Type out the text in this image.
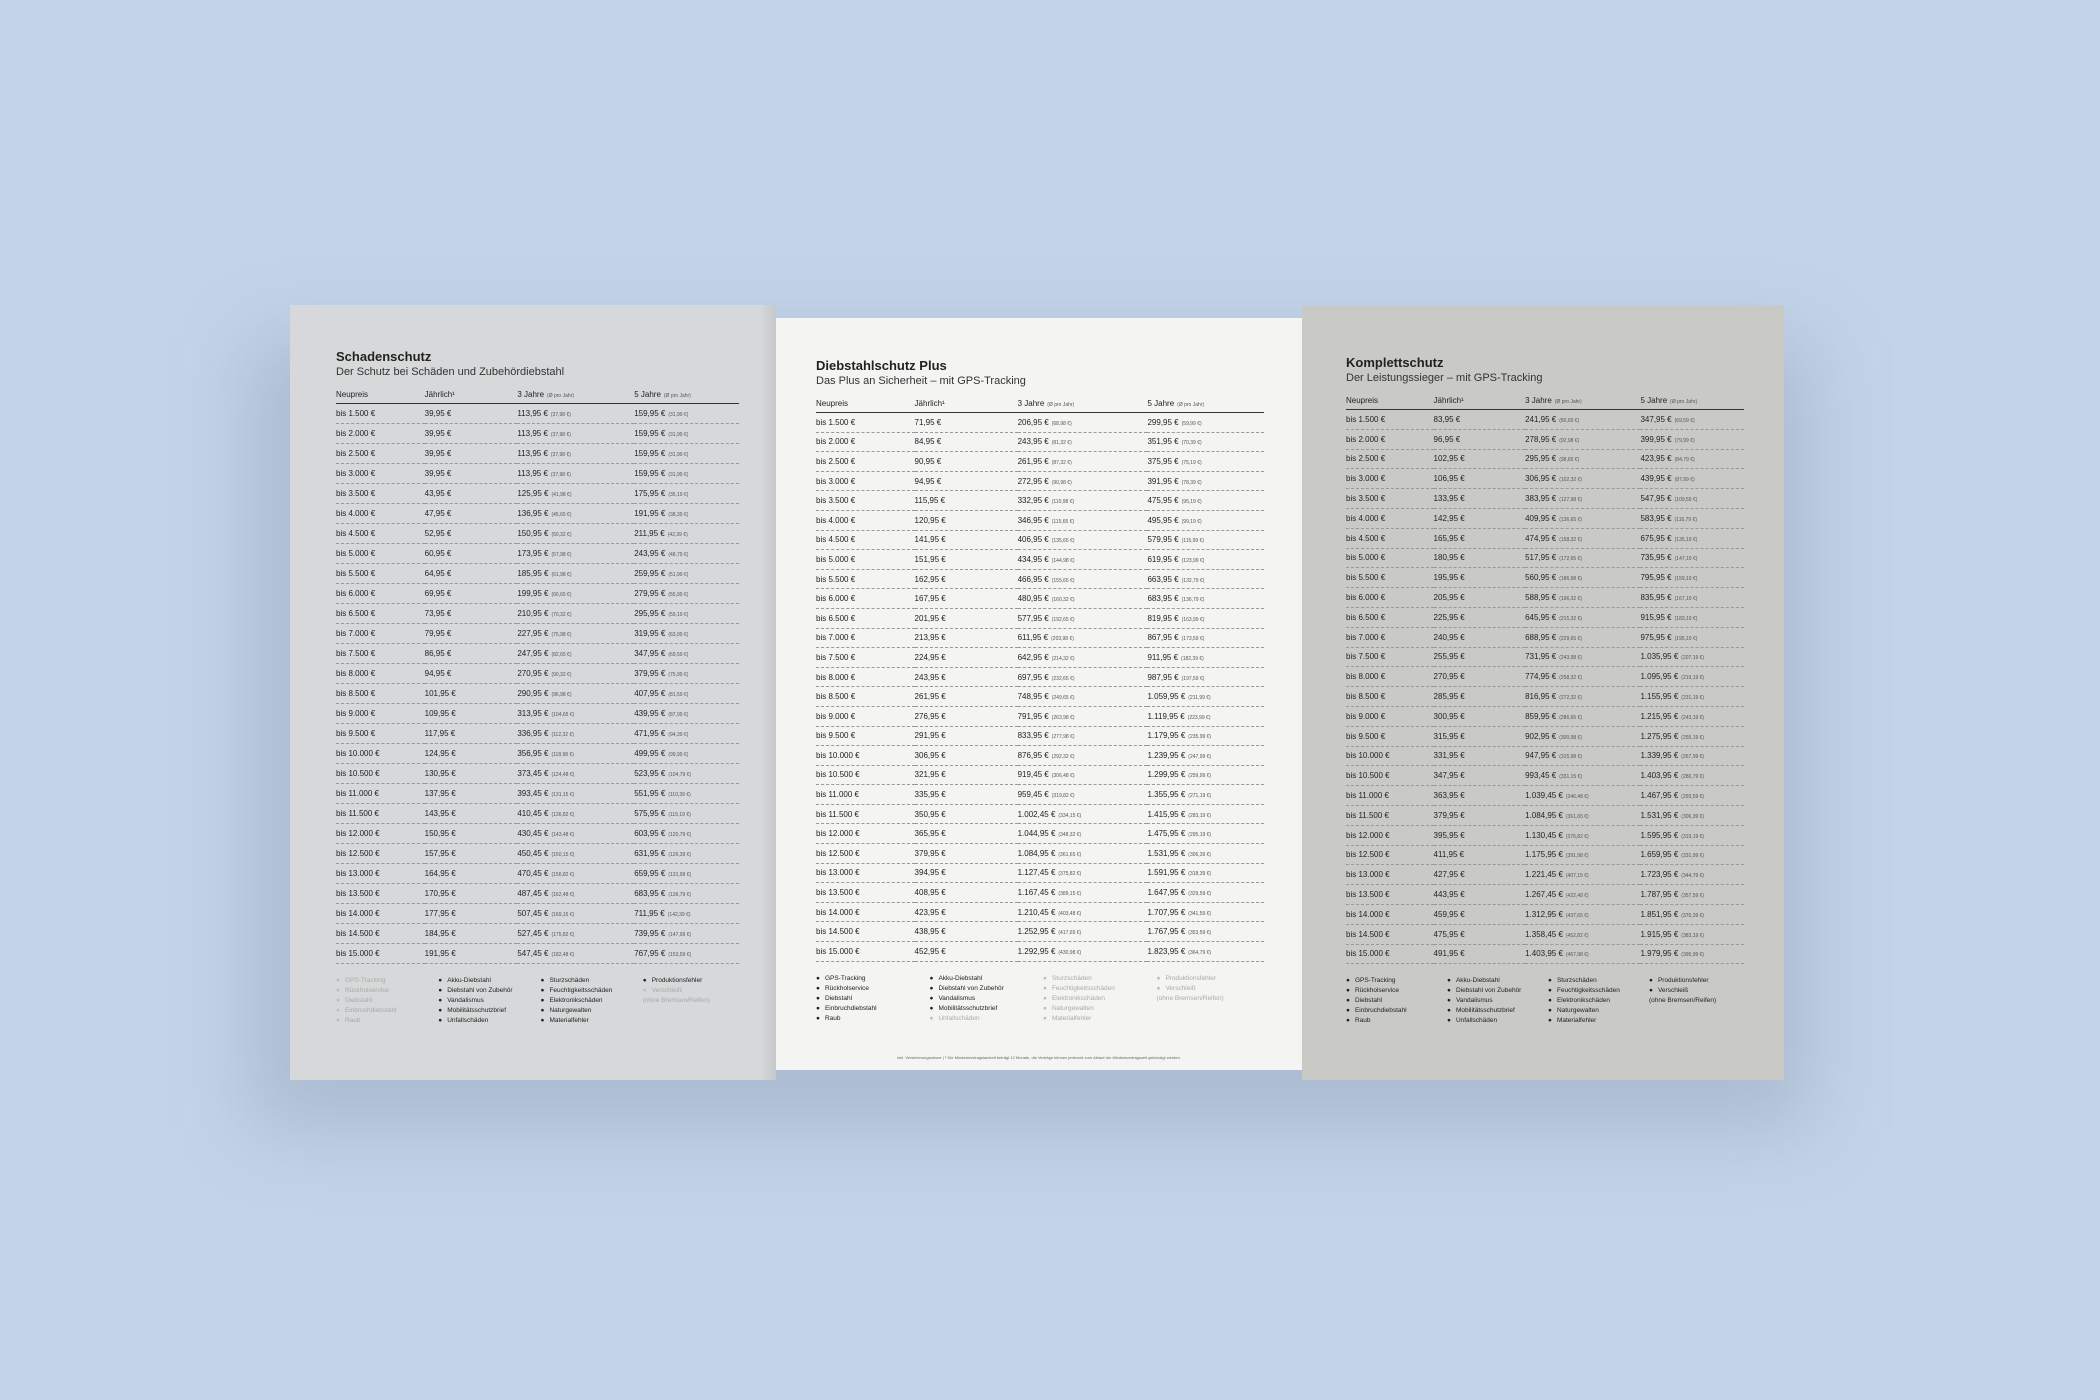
Schadenschutz
Der Schutz bei Schäden und Zubehördiebstahl
Neupreis	Jährlich¹	3 Jahre (Ø pro Jahr)	5 Jahre (Ø pro Jahr)
bis 1.500 €	39,95 €	113,95 € (37,98 €)	159,95 € (31,99 €)
bis 2.000 €	39,95 €	113,95 € (37,98 €)	159,95 € (31,99 €)
bis 2.500 €	39,95 €	113,95 € (37,98 €)	159,95 € (31,99 €)
bis 3.000 €	39,95 €	113,95 € (37,98 €)	159,95 € (31,99 €)
bis 3.500 €	43,95 €	125,95 € (41,98 €)	175,95 € (35,19 €)
bis 4.000 €	47,95 €	136,95 € (45,65 €)	191,95 € (38,39 €)
bis 4.500 €	52,95 €	150,95 € (50,32 €)	211,95 € (42,39 €)
bis 5.000 €	60,95 €	173,95 € (57,98 €)	243,95 € (48,79 €)
bis 5.500 €	64,95 €	185,95 € (61,98 €)	259,95 € (51,99 €)
bis 6.000 €	69,95 €	199,95 € (66,65 €)	279,95 € (55,99 €)
bis 6.500 €	73,95 €	210,95 € (70,32 €)	295,95 € (59,19 €)
bis 7.000 €	79,95 €	227,95 € (75,98 €)	319,95 € (63,99 €)
bis 7.500 €	86,95 €	247,95 € (82,65 €)	347,95 € (69,59 €)
bis 8.000 €	94,95 €	270,95 € (90,32 €)	379,95 € (75,99 €)
bis 8.500 €	101,95 €	290,95 € (96,98 €)	407,95 € (81,59 €)
bis 9.000 €	109,95 €	313,95 € (104,65 €)	439,95 € (87,99 €)
bis 9.500 €	117,95 €	336,95 € (112,32 €)	471,95 € (94,39 €)
bis 10.000 €	124,95 €	356,95 € (118,98 €)	499,95 € (99,99 €)
bis 10.500 €	130,95 €	373,45 € (124,48 €)	523,95 € (104,79 €)
bis 11.000 €	137,95 €	393,45 € (131,15 €)	551,95 € (110,39 €)
bis 11.500 €	143,95 €	410,45 € (136,82 €)	575,95 € (115,19 €)
bis 12.000 €	150,95 €	430,45 € (143,48 €)	603,95 € (120,79 €)
bis 12.500 €	157,95 €	450,45 € (150,15 €)	631,95 € (126,39 €)
bis 13.000 €	164,95 €	470,45 € (156,82 €)	659,95 € (131,99 €)
bis 13.500 €	170,95 €	487,45 € (162,48 €)	683,95 € (136,79 €)
bis 14.000 €	177,95 €	507,45 € (169,15 €)	711,95 € (142,39 €)
bis 14.500 €	184,95 €	527,45 € (175,82 €)	739,95 € (147,99 €)
bis 15.000 €	191,95 €	547,45 € (182,48 €)	767,95 € (153,59 €)
● GPS-Tracking
● Rückholservice
● Diebstahl
● Einbruchdiebstahl
● Raub
● Akku-Diebstahl
● Diebstahl von Zubehör
● Vandalismus
● Mobilitätsschutzbrief
● Unfallschäden
● Sturzschäden
● Feuchtigkeitsschäden
● Elektronikschäden
● Naturgewalten
● Materialfehler
● Produktionsfehler
● Verschleiß
(ohne Bremsen/Reifen)
Diebstahlschutz Plus
Das Plus an Sicherheit – mit GPS-Tracking
Neupreis	Jährlich¹	3 Jahre (Ø pro Jahr)	5 Jahre (Ø pro Jahr)
bis 1.500 €	71,95 €	206,95 € (68,98 €)	299,95 € (59,99 €)
bis 2.000 €	84,95 €	243,95 € (81,32 €)	351,95 € (70,39 €)
bis 2.500 €	90,95 €	261,95 € (87,32 €)	375,95 € (75,19 €)
bis 3.000 €	94,95 €	272,95 € (90,98 €)	391,95 € (78,39 €)
bis 3.500 €	115,95 €	332,95 € (110,98 €)	475,95 € (95,19 €)
bis 4.000 €	120,95 €	346,95 € (115,65 €)	495,95 € (99,19 €)
bis 4.500 €	141,95 €	406,95 € (135,65 €)	579,95 € (115,99 €)
bis 5.000 €	151,95 €	434,95 € (144,98 €)	619,95 € (123,99 €)
bis 5.500 €	162,95 €	466,95 € (155,65 €)	663,95 € (132,79 €)
bis 6.000 €	167,95 €	480,95 € (160,32 €)	683,95 € (136,79 €)
bis 6.500 €	201,95 €	577,95 € (192,65 €)	819,95 € (163,99 €)
bis 7.000 €	213,95 €	611,95 € (203,98 €)	867,95 € (173,59 €)
bis 7.500 €	224,95 €	642,95 € (214,32 €)	911,95 € (182,39 €)
bis 8.000 €	243,95 €	697,95 € (232,65 €)	987,95 € (197,59 €)
bis 8.500 €	261,95 €	748,95 € (249,65 €)	1.059,95 € (211,99 €)
bis 9.000 €	276,95 €	791,95 € (263,98 €)	1.119,95 € (223,99 €)
bis 9.500 €	291,95 €	833,95 € (277,98 €)	1.179,95 € (235,99 €)
bis 10.000 €	306,95 €	876,95 € (292,32 €)	1.239,95 € (247,99 €)
bis 10.500 €	321,95 €	919,45 € (306,48 €)	1.299,95 € (259,99 €)
bis 11.000 €	335,95 €	959,45 € (319,82 €)	1.355,95 € (271,19 €)
bis 11.500 €	350,95 €	1.002,45 € (334,15 €)	1.415,95 € (283,19 €)
bis 12.000 €	365,95 €	1.044,95 € (348,32 €)	1.475,95 € (295,19 €)
bis 12.500 €	379,95 €	1.084,95 € (361,65 €)	1.531,95 € (306,39 €)
bis 13.000 €	394,95 €	1.127,45 € (375,82 €)	1.591,95 € (318,39 €)
bis 13.500 €	408,95 €	1.167,45 € (389,15 €)	1.647,95 € (329,59 €)
bis 14.000 €	423,95 €	1.210,45 € (403,48 €)	1.707,95 € (341,59 €)
bis 14.500 €	438,95 €	1.252,95 € (417,65 €)	1.767,95 € (353,59 €)
bis 15.000 €	452,95 €	1.292,95 € (430,98 €)	1.823,95 € (364,79 €)
● GPS-Tracking
● Rückholservice
● Diebstahl
● Einbruchdiebstahl
● Raub
● Akku-Diebstahl
● Diebstahl von Zubehör
● Vandalismus
● Mobilitätsschutzbrief
● Unfallschäden
● Sturzschäden
● Feuchtigkeitsschäden
● Elektronikschäden
● Naturgewalten
● Materialfehler
● Produktionsfehler
● Verschleiß
(ohne Bremsen/Reifen)
inkl. Versicherungssteuer | ¹ Die Mindestvertragslaufzeit beträgt 12 Monate, die Verträge können jederzeit zum Ablauf der Mindestvertragszeit gekündigt werden.
Komplettschutz
Der Leistungssieger – mit GPS-Tracking
Neupreis	Jährlich¹	3 Jahre (Ø pro Jahr)	5 Jahre (Ø pro Jahr)
bis 1.500 €	83,95 €	241,95 € (80,65 €)	347,95 € (69,59 €)
bis 2.000 €	96,95 €	278,95 € (92,98 €)	399,95 € (79,99 €)
bis 2.500 €	102,95 €	295,95 € (98,65 €)	423,95 € (84,79 €)
bis 3.000 €	106,95 €	306,95 € (102,32 €)	439,95 € (87,99 €)
bis 3.500 €	133,95 €	383,95 € (127,98 €)	547,95 € (109,59 €)
bis 4.000 €	142,95 €	409,95 € (136,65 €)	583,95 € (116,79 €)
bis 4.500 €	165,95 €	474,95 € (158,32 €)	675,95 € (135,19 €)
bis 5.000 €	180,95 €	517,95 € (172,65 €)	735,95 € (147,19 €)
bis 5.500 €	195,95 €	560,95 € (186,98 €)	795,95 € (159,19 €)
bis 6.000 €	205,95 €	588,95 € (196,32 €)	835,95 € (167,19 €)
bis 6.500 €	225,95 €	645,95 € (215,32 €)	915,95 € (183,19 €)
bis 7.000 €	240,95 €	688,95 € (229,65 €)	975,95 € (195,19 €)
bis 7.500 €	255,95 €	731,95 € (243,98 €)	1.035,95 € (207,19 €)
bis 8.000 €	270,95 €	774,95 € (258,32 €)	1.095,95 € (219,19 €)
bis 8.500 €	285,95 €	816,95 € (272,32 €)	1.155,95 € (231,19 €)
bis 9.000 €	300,95 €	859,95 € (286,65 €)	1.215,95 € (243,19 €)
bis 9.500 €	315,95 €	902,95 € (300,98 €)	1.275,95 € (255,19 €)
bis 10.000 €	331,95 €	947,95 € (315,98 €)	1.339,95 € (267,99 €)
bis 10.500 €	347,95 €	993,45 € (331,15 €)	1.403,95 € (280,79 €)
bis 11.000 €	363,95 €	1.039,45 € (346,48 €)	1.467,95 € (293,59 €)
bis 11.500 €	379,95 €	1.084,95 € (361,65 €)	1.531,95 € (306,39 €)
bis 12.000 €	395,95 €	1.130,45 € (376,82 €)	1.595,95 € (319,19 €)
bis 12.500 €	411,95 €	1.175,95 € (391,98 €)	1.659,95 € (331,99 €)
bis 13.000 €	427,95 €	1.221,45 € (407,15 €)	1.723,95 € (344,79 €)
bis 13.500 €	443,95 €	1.267,45 € (422,48 €)	1.787,95 € (357,59 €)
bis 14.000 €	459,95 €	1.312,95 € (437,65 €)	1.851,95 € (370,39 €)
bis 14.500 €	475,95 €	1.358,45 € (452,82 €)	1.915,95 € (383,19 €)
bis 15.000 €	491,95 €	1.403,95 € (467,98 €)	1.979,95 € (395,99 €)
● GPS-Tracking
● Rückholservice
● Diebstahl
● Einbruchdiebstahl
● Raub
● Akku-Diebstahl
● Diebstahl von Zubehör
● Vandalismus
● Mobilitätsschutzbrief
● Unfallschäden
● Sturzschäden
● Feuchtigkeitsschäden
● Elektronikschäden
● Naturgewalten
● Materialfehler
● Produktionsfehler
● Verschleiß
(ohne Bremsen/Reifen)
